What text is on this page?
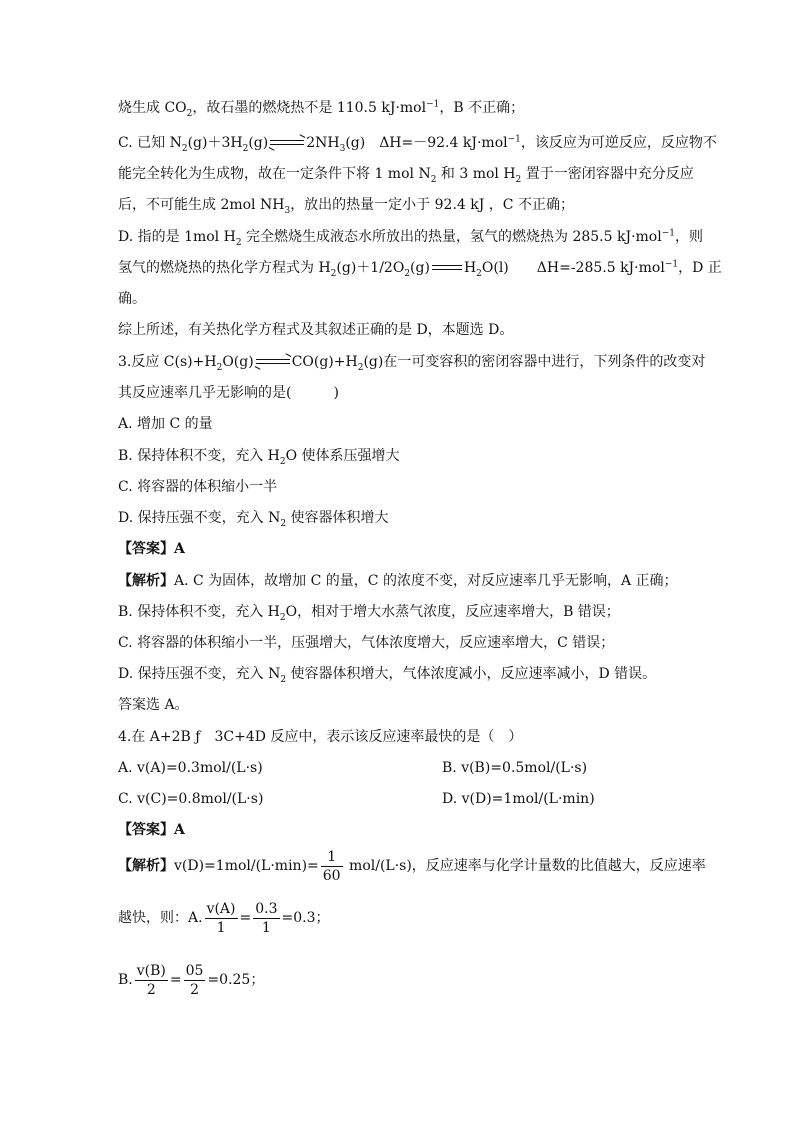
烧生成 $CO_2$，故石墨的燃烧热不是 110.5 kJ·mol$^{-1}$，B 不正确；
C. 已知 $N_2(g)+3H_2(g)$	$2NH_3(g)$　ΔH=－92.4 kJ·mol$^{-1}$，该反应为可逆反应，反应物不
能完全转化为生成物，故在一定条件下将 1 mol $N_2$ 和 3 mol $H_2$ 置于一密闭容器中充分反应
后，不可能生成 2mol $NH_3$，放出的热量一定小于 92.4 kJ ，C 不正确；
D. 指的是 1mol $H_2$ 完全燃烧生成液态水所放出的热量，氢气的燃烧热为 285.5 kJ·mol$^{-1}$，则
氢气的燃烧热的热化学方程式为 $H_2(g)+1/2O_2(g)$ $H_2O(l)$　　ΔH=-285.5 kJ·mol$^{-1}$，D 正
确。
综上所述，有关热化学方程式及其叙述正确的是 D，本题选 D。
3.反应 $C(s)+H_2O(g)$	$CO(g)+H_2(g)$在一可变容积的密闭容器中进行，下列条件的改变对
其反应速率几乎无影响的是(　　　)
A. 增加 C 的量
B. 保持体积不变，充入 $H_2O$ 使体系压强增大
C. 将容器的体积缩小一半
D. 保持压强不变，充入 $N_2$ 使容器体积增大
【答案】A
【解析】A. C 为固体，故增加 C 的量，C 的浓度不变，对反应速率几乎无影响，A 正确；
B. 保持体积不变，充入 $H_2O$，相对于增大水蒸气浓度，反应速率增大，B 错误；
C. 将容器的体积缩小一半，压强增大，气体浓度增大，反应速率增大，C 错误；
D. 保持压强不变，充入 $N_2$ 使容器体积增大，气体浓度减小，反应速率减小，D 错误。
答案选 A。
4.在 A+2B ƒ　3C+4D 反应中，表示该反应速率最快的是（　）
A. v(A)=0.3mol/(L·s)	B. v(B)=0.5mol/(L·s)
C. v(C)=0.8mol/(L·s)	D. v(D)=1mol/(L·min)
【答案】A
【解析】$v(D)=1mol/(L\cdot\min)= \frac{1}{60} mol/(L\cdot s)$，反应速率与化学计量数的比值越大，反应速率
越快，则：A. $\frac{v(A)}{1} = \frac{0.3}{1} =0.3$；
B. $\frac{v(B)}{2} = \frac{05}{2} =0.25$；
